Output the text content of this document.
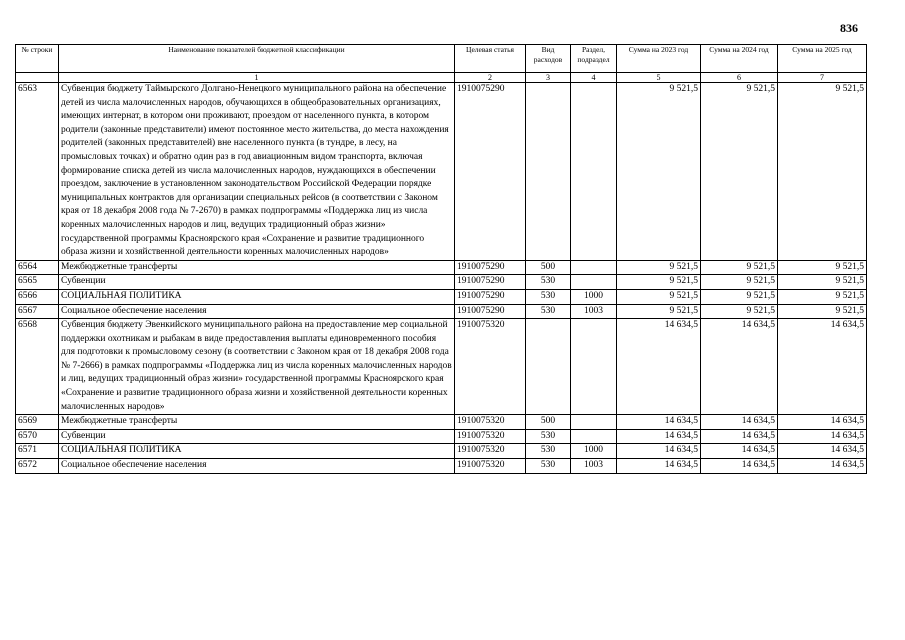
836
№ строки	Наименование показателей бюджетной классификации	Целевая статья	Вид расходов	Раздел, подраздел	Сумма на 2023 год	Сумма на 2024 год	Сумма на 2025 год
	1	2	3	4	5	6	7
6563	Субвенция бюджету Таймырского Долгано-Ненецкого муниципального района на обеспечение детей из числа малочисленных народов, обучающихся в общеобразовательных организациях, имеющих интернат, в котором они проживают, проездом от населенного пункта, в котором родители (законные представители) имеют постоянное место жительства, до места нахождения родителей (законных представителей) вне населенного пункта (в тундре, в лесу, на промысловых точках) и обратно один раз в год авиационным видом транспорта, включая формирование списка детей из числа малочисленных народов, нуждающихся в обеспечении проездом, заключение в установленном законодательством Российской Федерации порядке муниципальных контрактов для организации специальных рейсов (в соответствии с Законом края от 18 декабря 2008 года № 7-2670) в рамках подпрограммы «Поддержка лиц из числа коренных малочисленных народов и лиц, ведущих традиционный образ жизни» государственной программы Красноярского края «Сохранение и развитие традиционного образа жизни и хозяйственной деятельности коренных малочисленных народов»	1910075290			9 521,5	9 521,5	9 521,5
6564	Межбюджетные трансферты	1910075290	500		9 521,5	9 521,5	9 521,5
6565	Субвенции	1910075290	530		9 521,5	9 521,5	9 521,5
6566	СОЦИАЛЬНАЯ ПОЛИТИКА	1910075290	530	1000	9 521,5	9 521,5	9 521,5
6567	Социальное обеспечение населения	1910075290	530	1003	9 521,5	9 521,5	9 521,5
6568	Субвенция бюджету Эвенкийского муниципального района на предоставление мер социальной поддержки охотникам и рыбакам в виде предоставления выплаты единовременного пособия для подготовки к промысловому сезону (в соответствии с Законом края от 18 декабря 2008 года № 7-2666) в рамках подпрограммы «Поддержка лиц из числа коренных малочисленных народов и лиц, ведущих традиционный образ жизни» государственной программы Красноярского края «Сохранение и развитие традиционного образа жизни и хозяйственной деятельности коренных малочисленных народов»	1910075320			14 634,5	14 634,5	14 634,5
6569	Межбюджетные трансферты	1910075320	500		14 634,5	14 634,5	14 634,5
6570	Субвенции	1910075320	530		14 634,5	14 634,5	14 634,5
6571	СОЦИАЛЬНАЯ ПОЛИТИКА	1910075320	530	1000	14 634,5	14 634,5	14 634,5
6572	Социальное обеспечение населения	1910075320	530	1003	14 634,5	14 634,5	14 634,5
